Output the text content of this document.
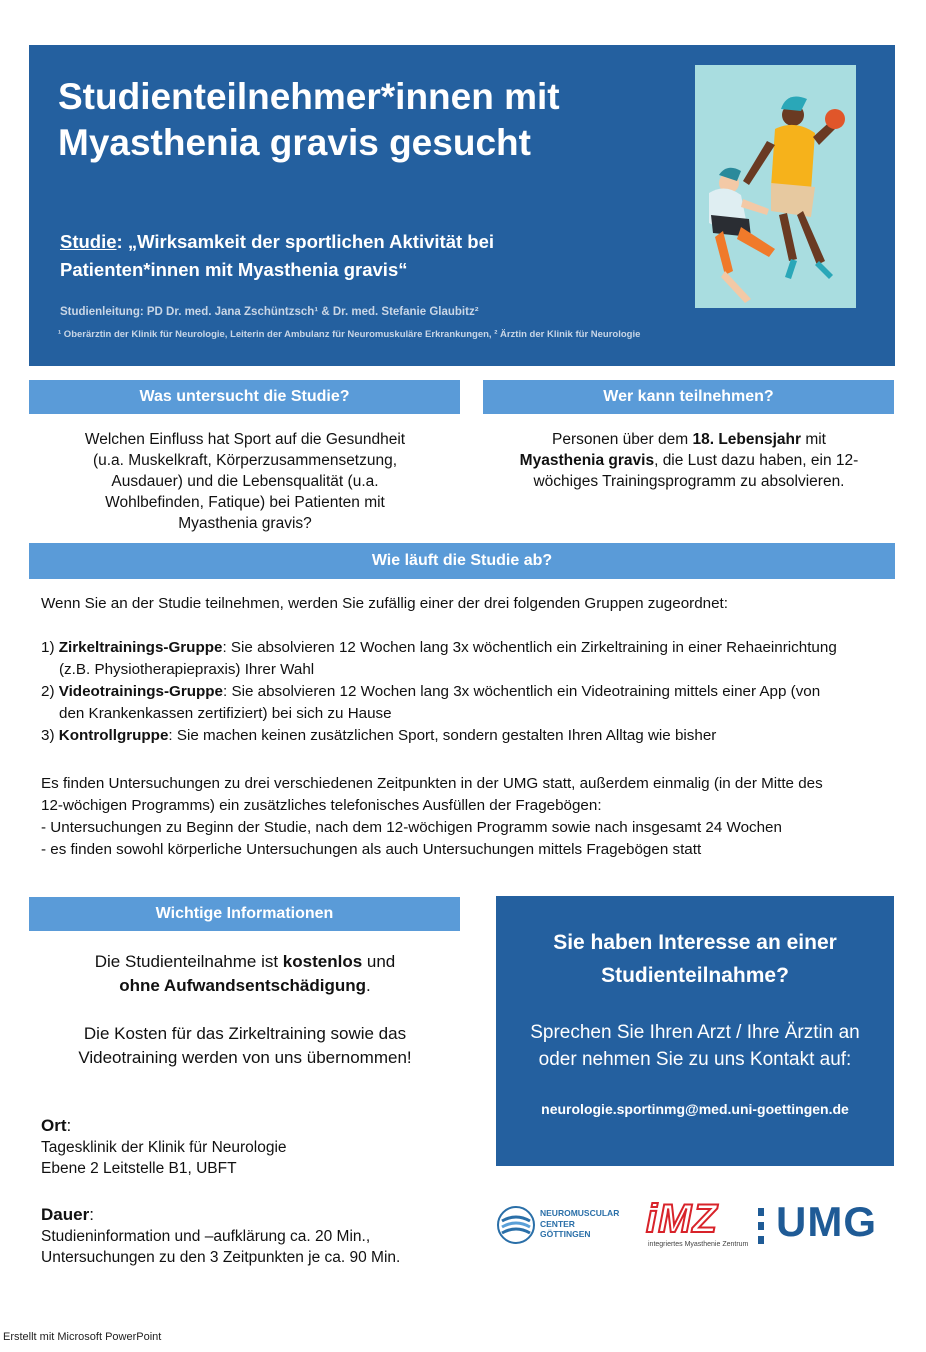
Studienteilnehmer*innen mit
Myasthenia gravis gesucht
Studie: „Wirksamkeit der sportlichen Aktivität bei
Patienten*innen mit Myasthenia gravis“
Studienleitung: PD Dr. med. Jana Zschüntzsch¹ & Dr. med. Stefanie Glaubitz²
¹ Oberärztin der Klinik für Neurologie, Leiterin der Ambulanz für Neuromuskuläre Erkrankungen, ² Ärztin der Klinik für Neurologie
Was untersucht die Studie?
Welchen Einfluss hat Sport auf die Gesundheit
(u.a. Muskelkraft, Körperzusammensetzung,
Ausdauer) und die Lebensqualität (u.a.
Wohlbefinden, Fatique) bei Patienten mit
Myasthenia gravis?
Wer kann teilnehmen?
Personen über dem 18. Lebensjahr mit
Myasthenia gravis, die Lust dazu haben, ein 12-
wöchiges Trainingsprogramm zu absolvieren.
Wie läuft die Studie ab?
Wenn Sie an der Studie teilnehmen, werden Sie zufällig einer der drei folgenden Gruppen zugeordnet:
1) Zirkeltrainings-Gruppe: Sie absolvieren 12 Wochen lang 3x wöchentlich ein Zirkeltraining in einer Rehaeinrichtung (z.B. Physiotherapiepraxis) Ihrer Wahl
2) Videotrainings-Gruppe: Sie absolvieren 12 Wochen lang 3x wöchentlich ein Videotraining mittels einer App (von den Krankenkassen zertifiziert) bei sich zu Hause
3) Kontrollgruppe: Sie machen keinen zusätzlichen Sport, sondern gestalten Ihren Alltag wie bisher
Es finden Untersuchungen zu drei verschiedenen Zeitpunkten in der UMG statt, außerdem einmalig (in der Mitte des 12-wöchigen Programms) ein zusätzliches telefonisches Ausfüllen der Fragebögen:
- Untersuchungen zu Beginn der Studie, nach dem 12-wöchigen Programm sowie nach insgesamt 24 Wochen
- es finden sowohl körperliche Untersuchungen als auch Untersuchungen mittels Fragebögen statt
Wichtige Informationen
Die Studienteilnahme ist kostenlos und
ohne Aufwandsentschädigung.
Die Kosten für das Zirkeltraining sowie das
Videotraining werden von uns übernommen!
Ort:
Tagesklinik der Klinik für Neurologie
Ebene 2 Leitstelle B1, UBFT
Dauer:
Studieninformation und –aufklärung ca. 20 Min.,
Untersuchungen zu den 3 Zeitpunkten je ca. 90 Min.
Sie haben Interesse an einer
Studienteilnahme?
Sprechen Sie Ihren Arzt / Ihre Ärztin an
oder nehmen Sie zu uns Kontakt auf:
neurologie.sportinmg@med.uni-goettingen.de
NEUROMUSCULAR
CENTER
GÖTTINGEN	iMZ
integriertes Myasthenie Zentrum UMG
Erstellt mit Microsoft PowerPoint
